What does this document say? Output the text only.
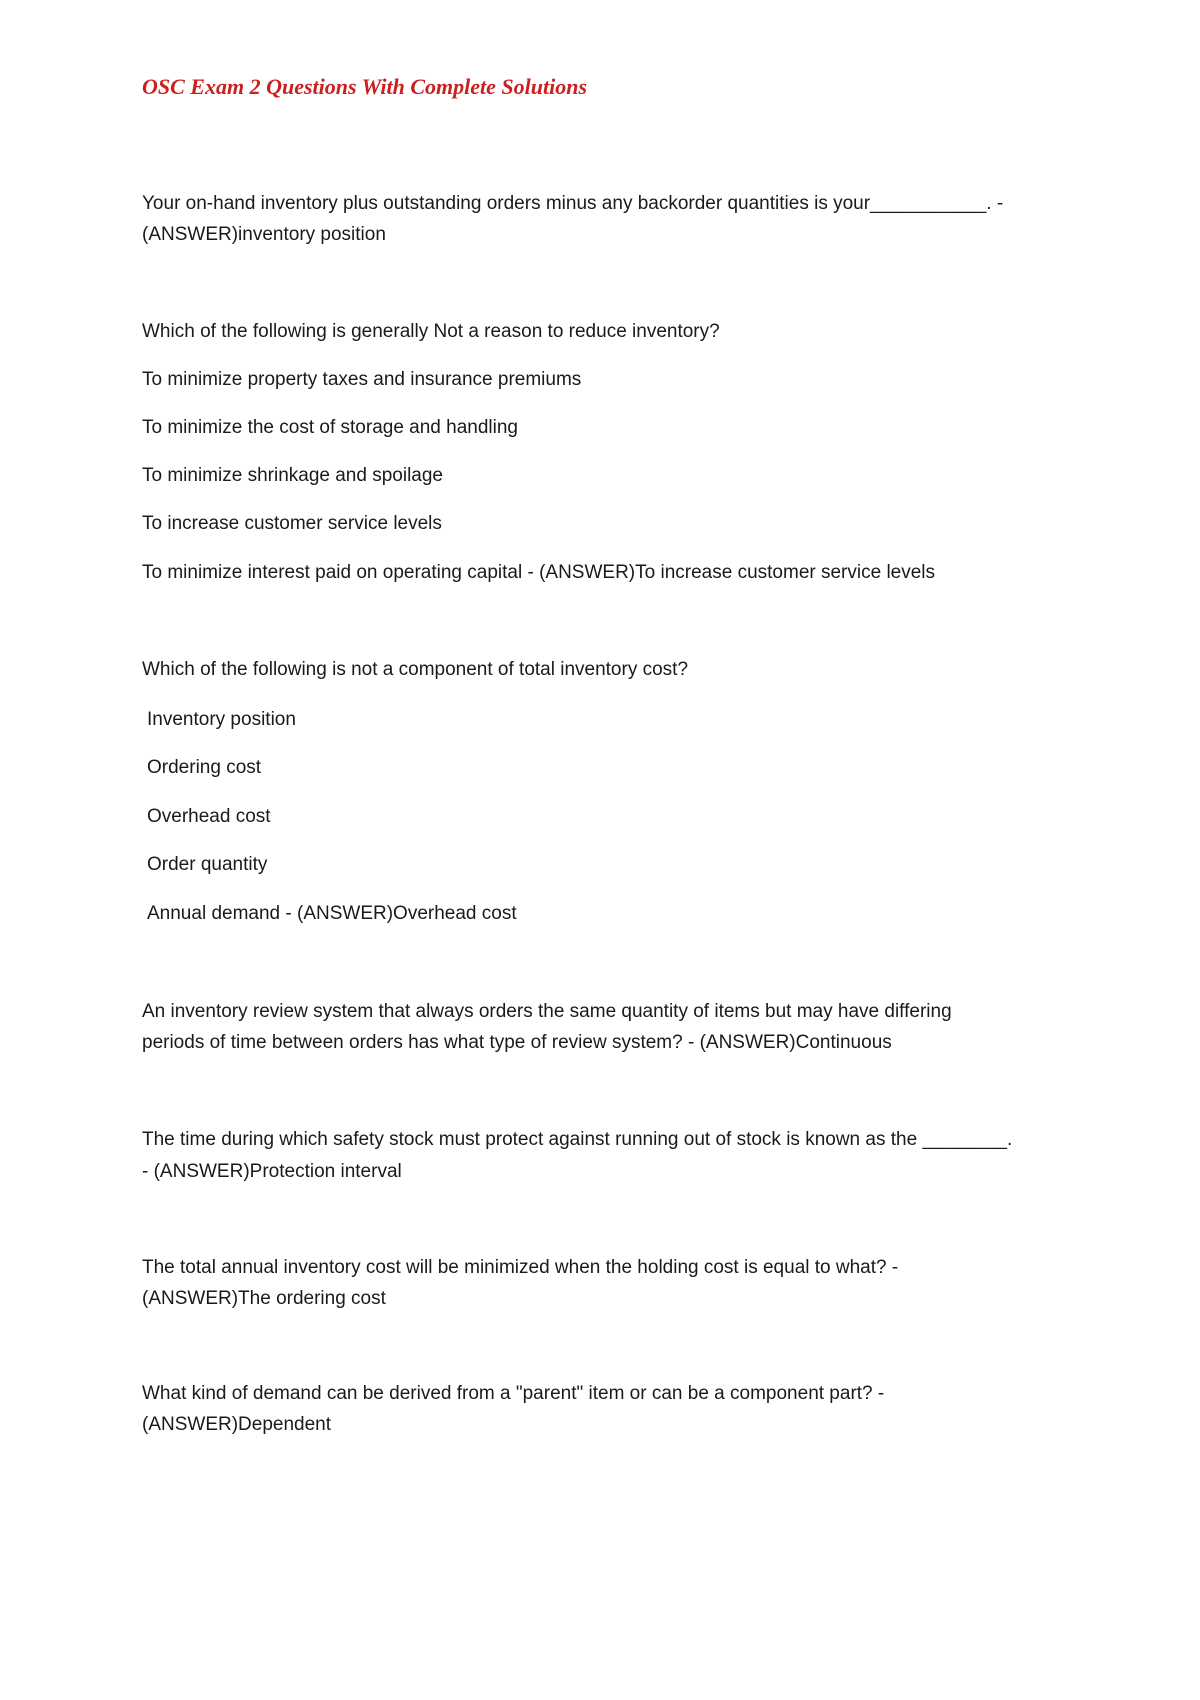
OSC Exam 2 Questions With Complete Solutions

Your on-hand inventory plus outstanding orders minus any backorder quantities is your___________. -

(ANSWER)inventory position

Which of the following is generally Not a reason to reduce inventory?

To minimize property taxes and insurance premiums

To minimize the cost of storage and handling

To minimize shrinkage and spoilage

To increase customer service levels

To minimize interest paid on operating capital - (ANSWER)To increase customer service levels

Which of the following is not a component of total inventory cost?

Inventory position

Ordering cost

Overhead cost

Order quantity

Annual demand - (ANSWER)Overhead cost

An inventory review system that always orders the same quantity of items but may have differing

periods of time between orders has what type of review system? - (ANSWER)Continuous

The time during which safety stock must protect against running out of stock is known as the ________.

- (ANSWER)Protection interval

The total annual inventory cost will be minimized when the holding cost is equal to what? -

(ANSWER)The ordering cost

What kind of demand can be derived from a "parent" item or can be a component part? -

(ANSWER)Dependent
